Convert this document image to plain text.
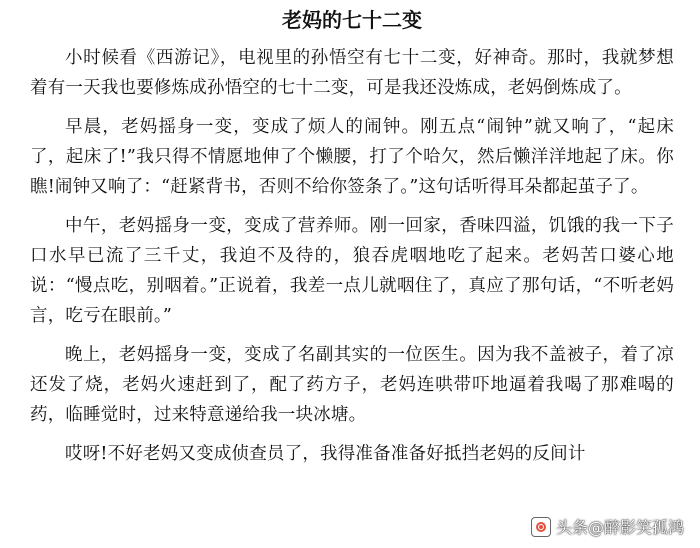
老妈的七十二变

小时候看《西游记》，电视里的孙悟空有七十二变，好神奇。那时，我就梦想着有一天我也要修炼成孙悟空的七十二变，可是我还没炼成，老妈倒炼成了。

早晨，老妈摇身一变，变成了烦人的闹钟。刚五点“闹钟”就又响了，“起床了，起床了!”我只得不情愿地伸了个懒腰，打了个哈欠，然后懒洋洋地起了床。你瞧!闹钟又响了：“赶紧背书，否则不给你签条了。”这句话听得耳朵都起茧子了。

中午，老妈摇身一变，变成了营养师。刚一回家，香味四溢，饥饿的我一下子口水早已流了三千丈，我迫不及待的，狼吞虎咽地吃了起来。老妈苦口婆心地说：“慢点吃，别咽着。”正说着，我差一点儿就咽住了，真应了那句话，“不听老妈言，吃亏在眼前。”

晚上，老妈摇身一变，变成了名副其实的一位医生。因为我不盖被子，着了凉还发了烧，老妈火速赶到了，配了药方子，老妈连哄带吓地逼着我喝了那难喝的药，临睡觉时，过来特意递给我一块冰塘。

哎呀!不好老妈又变成侦查员了，我得准备准备好抵挡老妈的反间计

头条@醉影笑孤鸿
